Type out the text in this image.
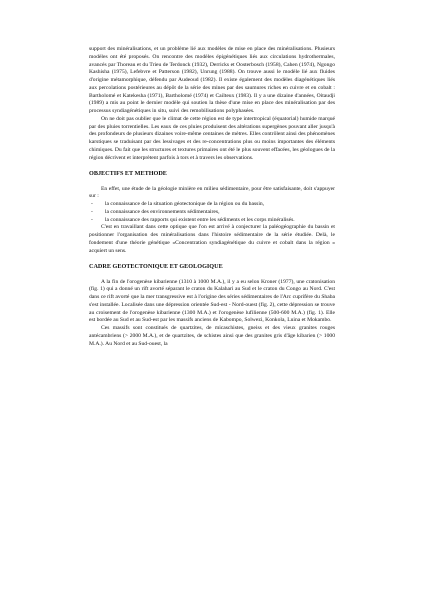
support des minéralisations, et un problème lié aux modèles de mise en place des minéralisations. Plusieurs modèles ont été proposés. On rencontre des modèles épigénétiques liés aux circulations hydrothermales, avancés par Thoreau et du Trieu de Terdonck (1932), Derricks et Oosterbosch (1958), Cahen (1974), Ngongo Kashisha (1975), Lefebvre et Patterson (1982), Unrung (1988). On trouve aussi le modèle lié aux fluides d'origine métamorphique, défendu par Audeoud (1982). Il existe également des modèles diagénétiques liés aux percolations postérieures au dépôt de la série des mines par des saumures riches en cuivre et en cobalt : Bartholomé et Katekesha (1971), Bartholomé (1974) et Cailteux (1983). Il y a une dizaine d'années, Oitaudji (1989) a mis au point le dernier modèle qui soutien la thèse d'une mise en place des minéralisation par des processus syndiagénétiques in situ, suivi des remobilisations polyphasées.

On ne doit pas oublier que le climat de cette région est de type intertropical (équatorial) humide marqué par des pluies torrentielles. Les eaux de ces pluies produisent des altérations supergènes pouvant aller jusqu'à des profondeurs de plusieurs dizaines voire-même centaines de mètres. Elles contrôlent ainsi des phénomènes karstiques se traduisant par des lessivages et des re-concentrations plus ou moins importantes des éléments chimiques. Du fait que les structures et textures primaires ont été le plus souvent effacées, les géologues de la région décrivent et interprètent parfois à tors et à travers les observations.

OBJECTIFS ET METHODE

En effet, une étude de la géologie minière en milieu sédimentaire, pour être satisfaisante, doit s'appuyer sur :

- la connaissance de la situation géotectonique de la région ou du bassin,
- la connaissance des environnements sédimentaires,
- la connaissance des rapports qui existent entre les sédiments et les corps minéralisés.

C'est en travaillant dans cette optique que l'on est arrivé à conjecturer la paléogéographie du bassin et positionner l'organisation des minéralisations dans l'histoire sédimentaire de la série étudiée. Delà, le fondement d'une théorie génétique «Concentration syndiagénétique du cuivre et cobalt dans la région » acquiert un sens.

CADRE GEOTECTONIQUE ET GEOLOGIQUE

A la fin de l'orogenèse kibarienne (1310 à 1000 M.A.), il y a eu selon Kroner (1977), une cratonisation (fig. 1) qui a donné un rift avorté séparant le craton du Kalahari au Sud et le craton du Congo au Nord. C'est dans ce rift avorté que la mer transgressive est à l'origine des séries sédimentaires de l'Arc cuprifère du Shaba s'est installée. Localisée dans une dépression orientée Sud-est - Nord-ouest (fig. 2), cette dépression se trouve au croisement de l'orogenèse kibarienne (1300 M.A.) et l'orogenèse lufilienne (500-600 M.A.) (fig. 1). Elle est bordée au Sud et au Sud-est par les massifs anciens de Kabompo, Solwezi, Konkola, Luina et Mokambo.

Ces massifs sont constitués de quartzites, de micaschistes, gneiss et des vieux granites rouges antécambriens (> 2000 M.A.), et de quartzites, de schistes ainsi que des granites gris d'âge kibarien (> 1000 M.A.). Au Nord et au Sud-ouest, la
